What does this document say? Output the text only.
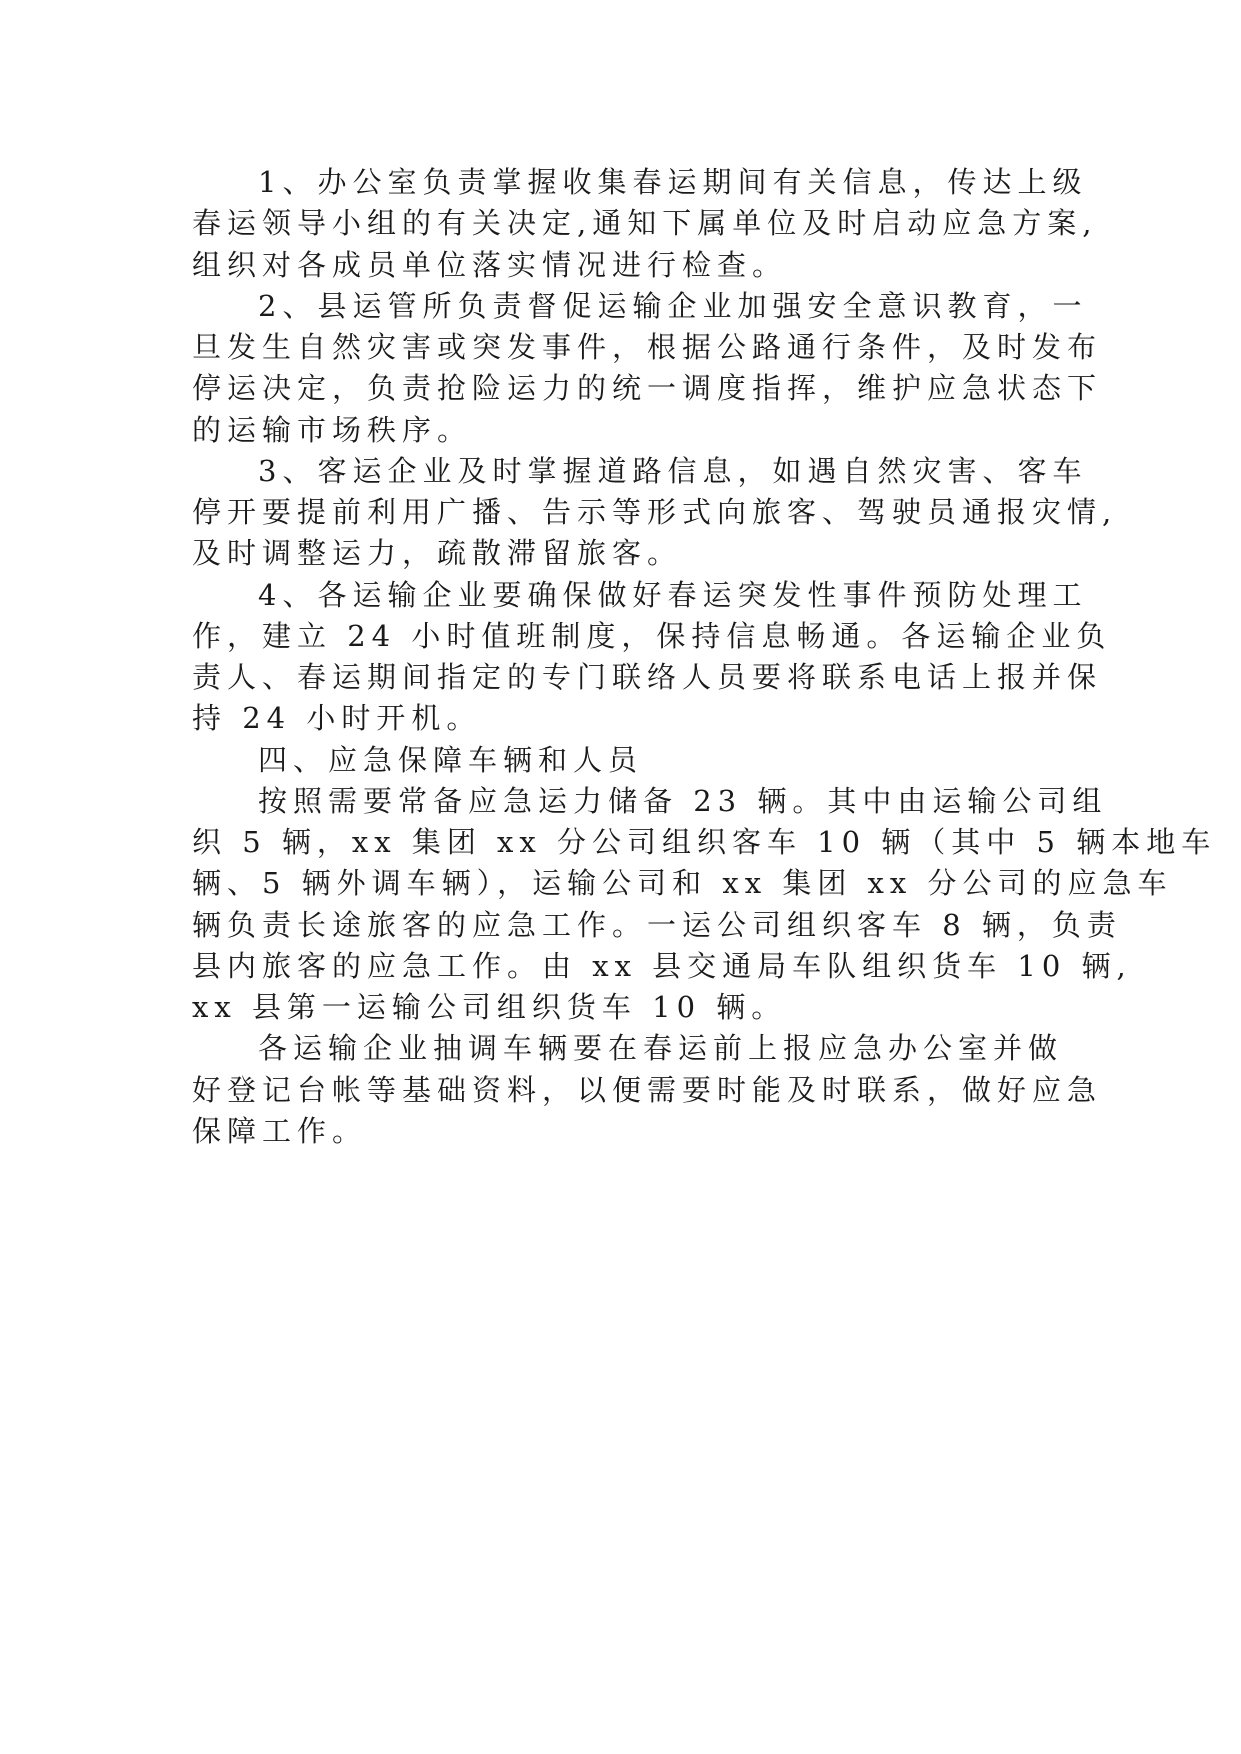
1、办公室负责掌握收集春运期间有关信息，传达上级
春运领导小组的有关决定,通知下属单位及时启动应急方案,
组织对各成员单位落实情况进行检查。

2、县运管所负责督促运输企业加强安全意识教育，一
旦发生自然灾害或突发事件，根据公路通行条件，及时发布
停运决定，负责抢险运力的统一调度指挥，维护应急状态下
的运输市场秩序。

3、客运企业及时掌握道路信息，如遇自然灾害、客车
停开要提前利用广播、告示等形式向旅客、驾驶员通报灾情,
及时调整运力，疏散滞留旅客。

4、各运输企业要确保做好春运突发性事件预防处理工
作，建立 24 小时值班制度，保持信息畅通。各运输企业负
责人、春运期间指定的专门联络人员要将联系电话上报并保
持 24 小时开机。

四、应急保障车辆和人员

按照需要常备应急运力储备 23 辆。其中由运输公司组
织 5 辆，xx 集团 xx 分公司组织客车 10 辆（其中 5 辆本地车
辆、5 辆外调车辆），运输公司和 xx 集团 xx 分公司的应急车
辆负责长途旅客的应急工作。一运公司组织客车 8 辆，负责
县内旅客的应急工作。由 xx 县交通局车队组织货车 10 辆,
xx 县第一运输公司组织货车 10 辆。

各运输企业抽调车辆要在春运前上报应急办公室并做
好登记台帐等基础资料，以便需要时能及时联系，做好应急
保障工作。
